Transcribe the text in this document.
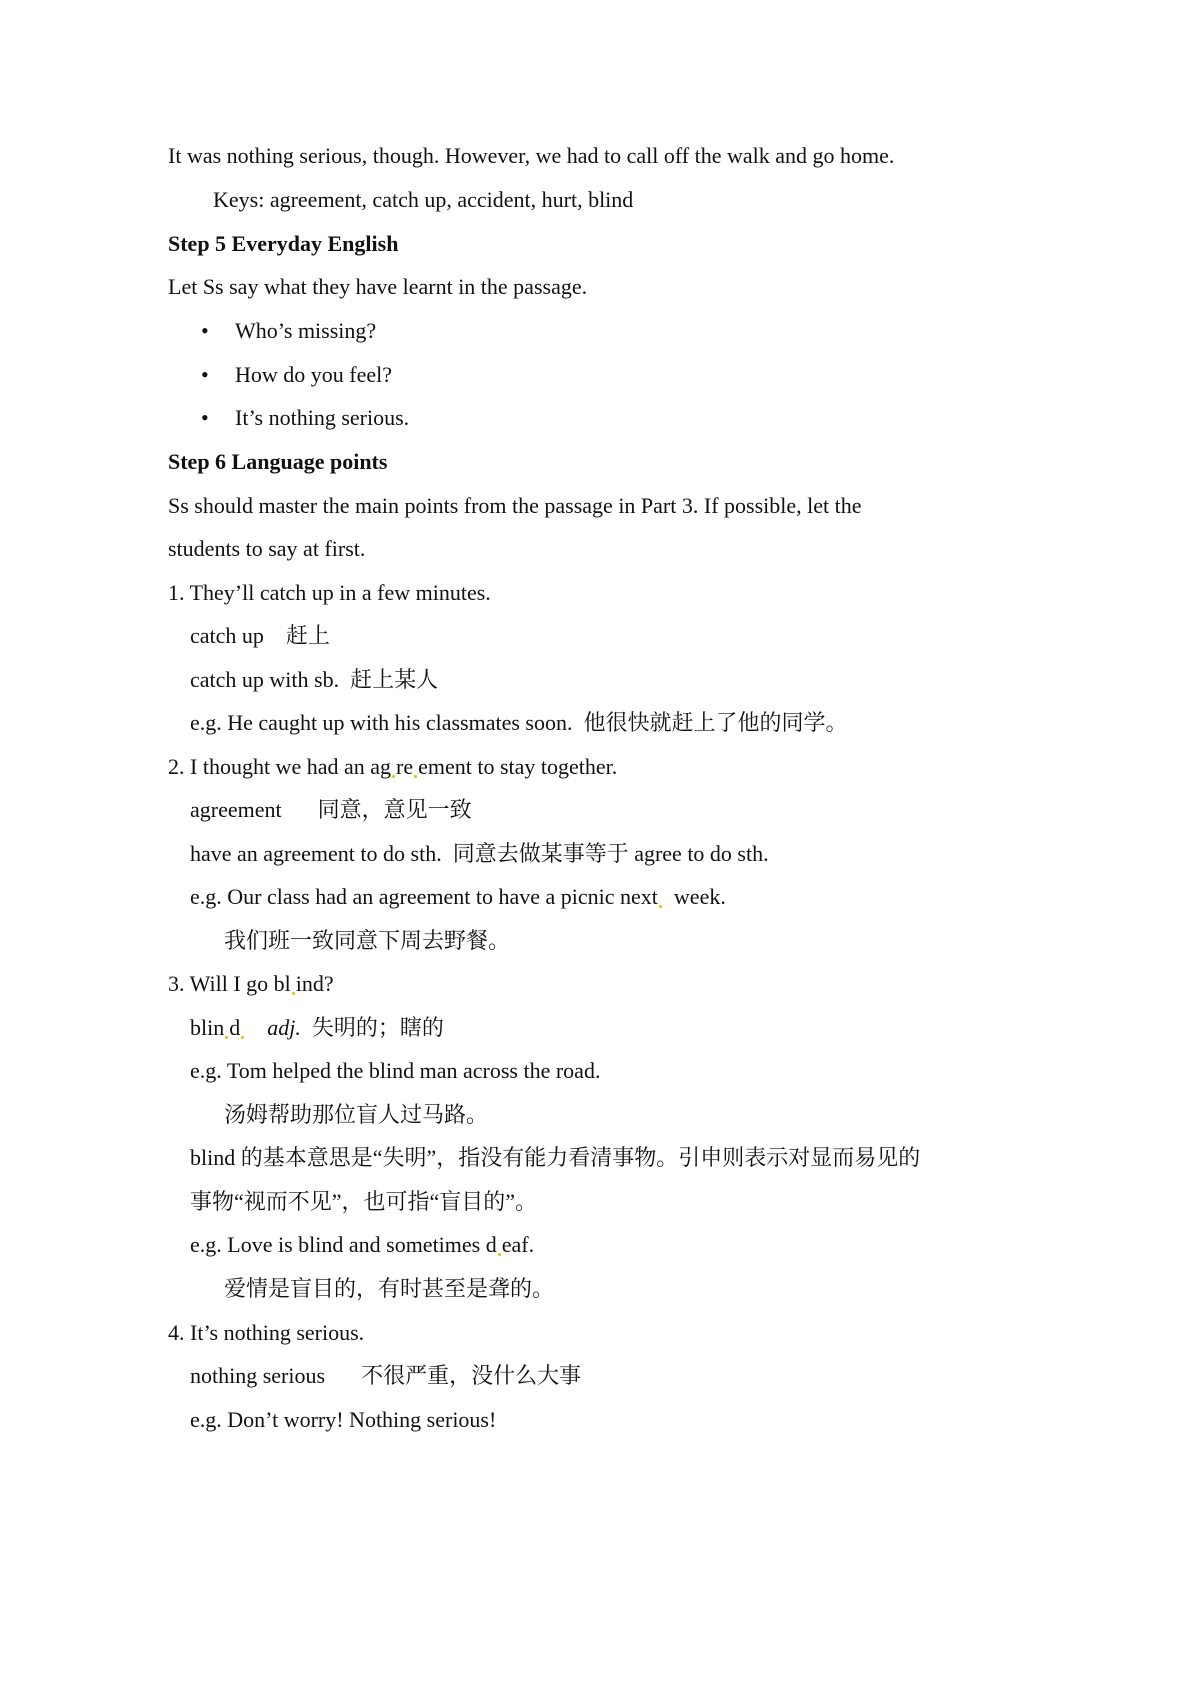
It was nothing serious, though. However, we had to call off the walk and go home.
Keys: agreement, catch up, accident, hurt, blind
Step 5 Everyday English
Let Ss say what they have learnt in the passage.
• Who’s missing?
• How do you feel?
• It’s nothing serious.
Step 6 Language points
Ss should master the main points from the passage in Part 3. If possible, let the
students to say at first.
1. They’ll catch up in a few minutes.
catch up 赶上
catch up with sb. 赶上某人
e.g. He caught up with his classmates soon. 他很快就赶上了他的同学。
2. I thought we had an ag re ement to stay together.
agreement 同意，意见一致
have an agreement to do sth. 同意去做某事等于 agree to do sth.
e.g. Our class had an agreement to have a picnic next week.
我们班一致同意下周去野餐。
3. Will I go bl ind?
blin d adj. 失明的；瞎的
e.g. Tom helped the blind man across the road.
汤姆帮助那位盲人过马路。
blind 的基本意思是“失明”，指没有能力看清事物。引申则表示对显而易见的
事物“视而不见”，也可指“盲目的”。
e.g. Love is blind and sometimes d eaf.
爱情是盲目的，有时甚至是聋的。
4. It’s nothing serious.
nothing serious 不很严重，没什么大事
e.g. Don’t worry! Nothing serious!
